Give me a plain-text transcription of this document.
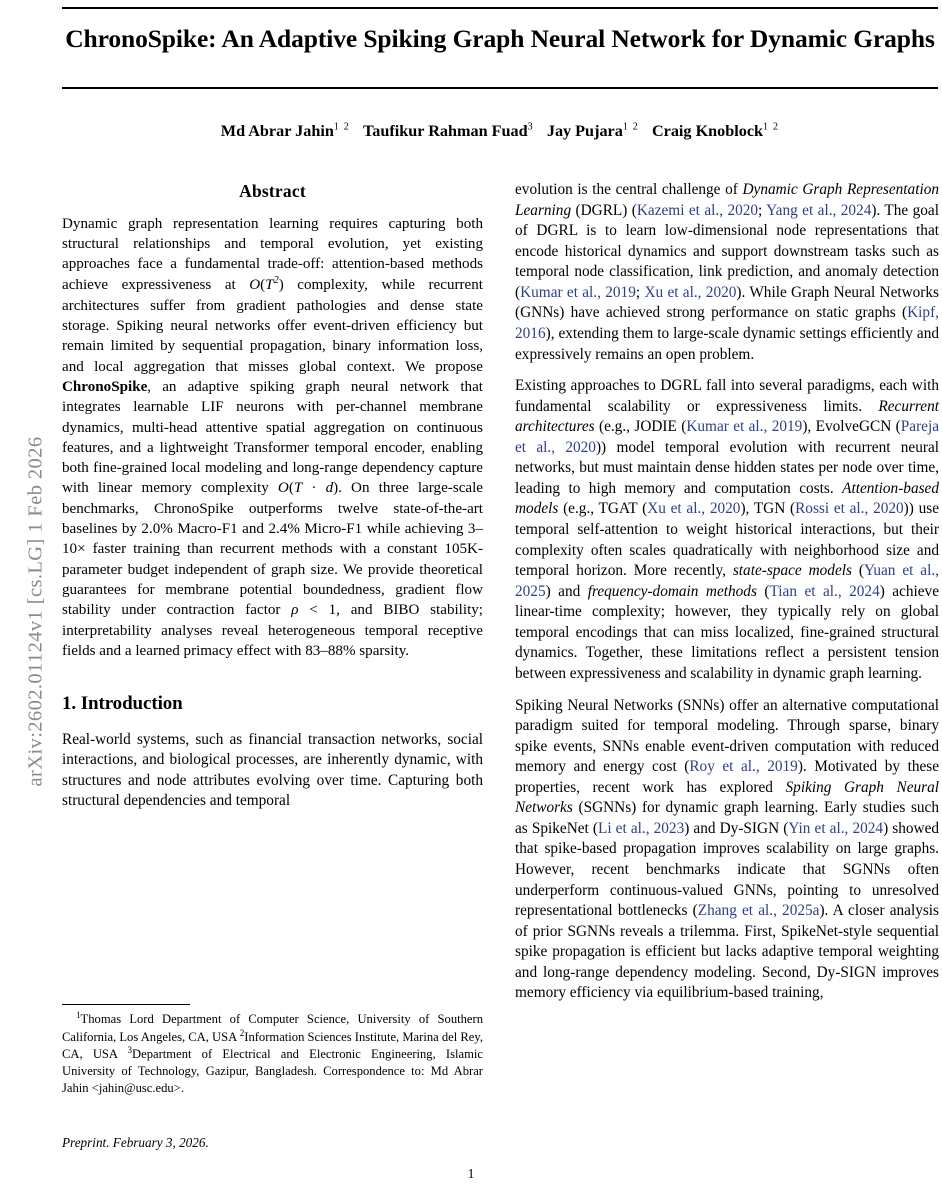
arXiv:2602.01124v1 [cs.LG] 1 Feb 2026
ChronoSpike: An Adaptive Spiking Graph Neural Network for Dynamic Graphs
Md Abrar Jahin$^{1 2}$ Taufikur Rahman Fuad$^3$ Jay Pujara$^{1 2}$ Craig Knoblock$^{1 2}$
Abstract

Dynamic graph representation learning requires capturing both structural relationships and temporal evolution, yet existing approaches face a fundamental trade-off: attention-based methods achieve expressiveness at $O(T^2)$ complexity, while recurrent architectures suffer from gradient pathologies and dense state storage. Spiking neural networks offer event-driven efficiency but remain limited by sequential propagation, binary information loss, and local aggregation that misses global context. We propose ChronoSpike, an adaptive spiking graph neural network that integrates learnable LIF neurons with per-channel membrane dynamics, multi-head attentive spatial aggregation on continuous features, and a lightweight Transformer temporal encoder, enabling both fine-grained local modeling and long-range dependency capture with linear memory complexity O(T · d). On three large-scale benchmarks, ChronoSpike outperforms twelve state-of-the-art baselines by 2.0% Macro-F1 and 2.4% Micro-F1 while achieving 3–10× faster training than recurrent methods with a constant 105K-parameter budget independent of graph size. We provide theoretical guarantees for membrane potential boundedness, gradient flow stability under contraction factor ρ < 1, and BIBO stability; interpretability analyses reveal heterogeneous temporal receptive fields and a learned primacy effect with 83–88% sparsity.

1. Introduction

Real-world systems, such as financial transaction networks, social interactions, and biological processes, are inherently dynamic, with structures and node attributes evolving over time. Capturing both structural dependencies and temporal

evolution is the central challenge of Dynamic Graph Representation Learning (DGRL) (Kazemi et al., 2020; Yang et al., 2024). The goal of DGRL is to learn low-dimensional node representations that encode historical dynamics and support downstream tasks such as temporal node classification, link prediction, and anomaly detection (Kumar et al., 2019; Xu et al., 2020). While Graph Neural Networks (GNNs) have achieved strong performance on static graphs (Kipf, 2016), extending them to large-scale dynamic settings efficiently and expressively remains an open problem.

Existing approaches to DGRL fall into several paradigms, each with fundamental scalability or expressiveness limits. Recurrent architectures (e.g., JODIE (Kumar et al., 2019), EvolveGCN (Pareja et al., 2020)) model temporal evolution with recurrent neural networks, but must maintain dense hidden states per node over time, leading to high memory and computation costs. Attention-based models (e.g., TGAT (Xu et al., 2020), TGN (Rossi et al., 2020)) use temporal self-attention to weight historical interactions, but their complexity often scales quadratically with neighborhood size and temporal horizon. More recently, state-space models (Yuan et al., 2025) and frequency-domain methods (Tian et al., 2024) achieve linear-time complexity; however, they typically rely on global temporal encodings that can miss localized, fine-grained structural dynamics. Together, these limitations reflect a persistent tension between expressiveness and scalability in dynamic graph learning.

Spiking Neural Networks (SNNs) offer an alternative computational paradigm suited for temporal modeling. Through sparse, binary spike events, SNNs enable event-driven computation with reduced memory and energy cost (Roy et al., 2019). Motivated by these properties, recent work has explored Spiking Graph Neural Networks (SGNNs) for dynamic graph learning. Early studies such as SpikeNet (Li et al., 2023) and Dy-SIGN (Yin et al., 2024) showed that spike-based propagation improves scalability on large graphs. However, recent benchmarks indicate that SGNNs often underperform continuous-valued GNNs, pointing to unresolved representational bottlenecks (Zhang et al., 2025a). A closer analysis of prior SGNNs reveals a trilemma. First, SpikeNet-style sequential spike propagation is efficient but lacks adaptive temporal weighting and long-range dependency modeling. Second, Dy-SIGN improves memory efficiency via equilibrium-based training,

$^1$Thomas Lord Department of Computer Science, University of Southern California, Los Angeles, CA, USA $^2$Information Sciences Institute, Marina del Rey, CA, USA $^3$Department of Electrical and Electronic Engineering, Islamic University of Technology, Gazipur, Bangladesh. Correspondence to: Md Abrar Jahin <jahin@usc.edu>.
Preprint. February 3, 2026.
1
